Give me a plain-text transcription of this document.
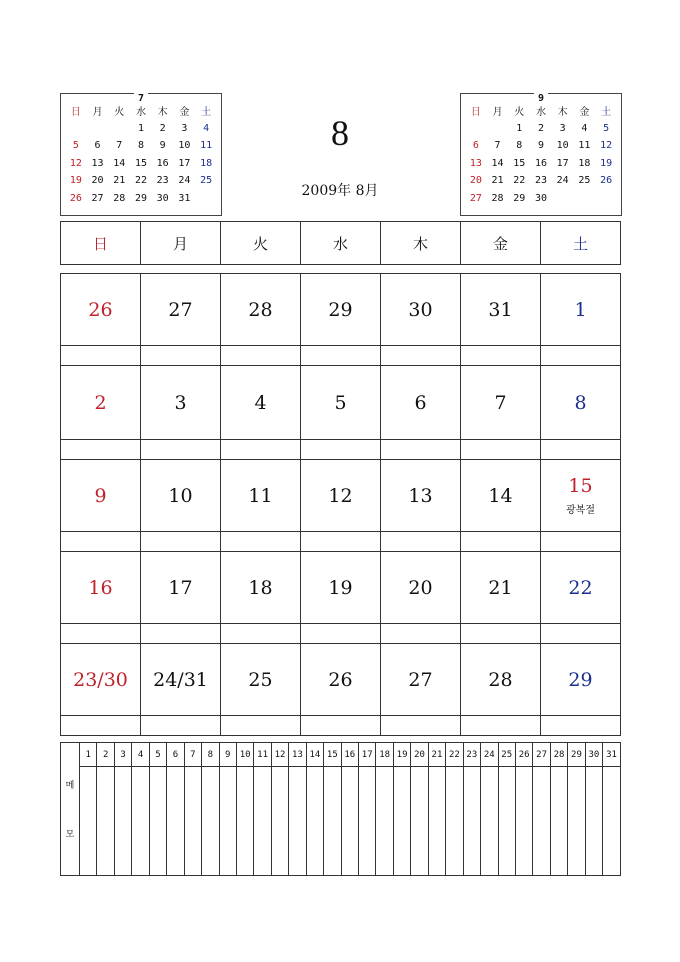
7
日	月	火	水	木	金	土
			1	2	3	4
5	6	7	8	9	10	11
12	13	14	15	16	17	18
19	20	21	22	23	24	25
26	27	28	29	30	31	
9
日	月	火	水	木	金	土
		1	2	3	4	5
6	7	8	9	10	11	12
13	14	15	16	17	18	19
20	21	22	23	24	25	26
27	28	29	30			
8
2009年 8月
日	月	火	水	木	金	土
26	27	28	29	30	31	1

2	3	4	5	6	7	8

9	10	11	12	13	14	15
광복절

16	17	18	19	20	21	22

23/30	24/31	25	26	27	28	29

메
모	1	2	3	4	5	6	7	8	9	10	11	12	13	14	15	16	17	18	19	20	21	22	23	24	25	26	27	28	29	30	31
